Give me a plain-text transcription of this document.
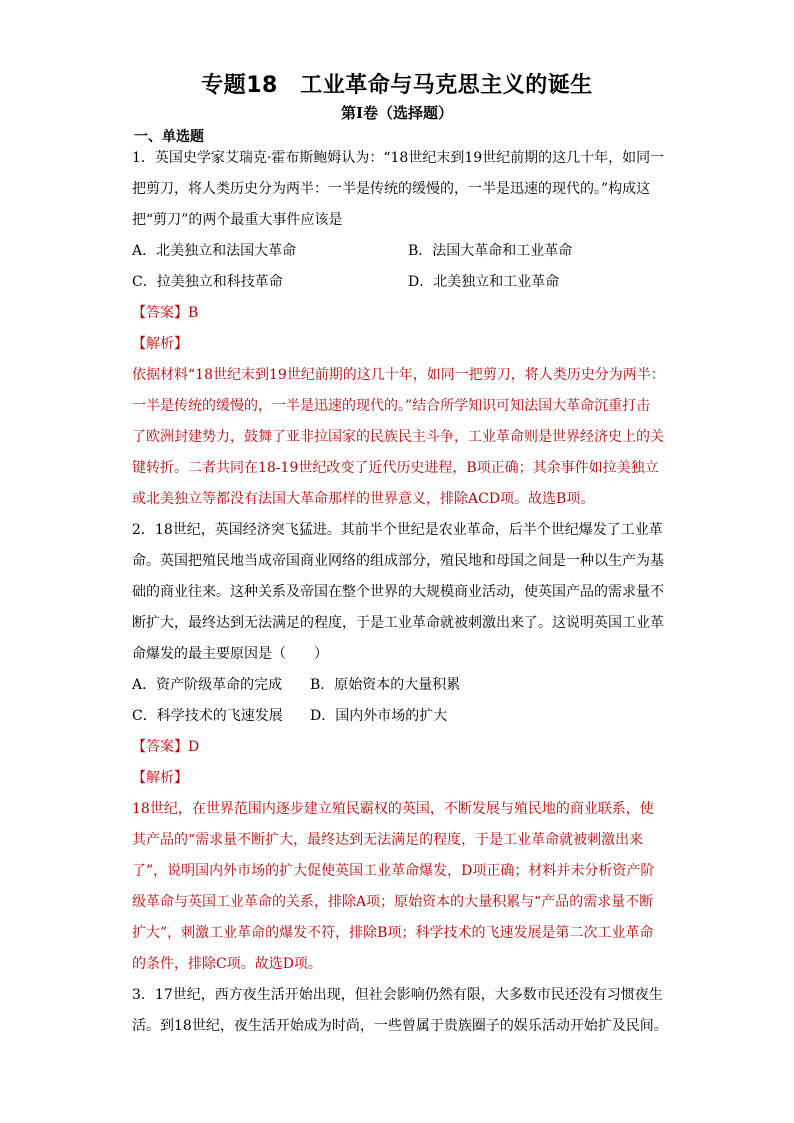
专题18　工业革命与马克思主义的诞生
第Ⅰ卷（选择题）
一、单选题
1．英国史学家艾瑞克·霍布斯鲍姆认为：“18世纪末到19世纪前期的这几十年，如同一
把剪刀，将人类历史分为两半：一半是传统的缓慢的，一半是迅速的现代的。”构成这
把“剪刀”的两个最重大事件应该是
A．北美独立和法国大革命	B．法国大革命和工业革命
C．拉美独立和科技革命	D．北美独立和工业革命
【答案】B
【解析】
依据材料“18世纪末到19世纪前期的这几十年，如同一把剪刀，将人类历史分为两半：
一半是传统的缓慢的，一半是迅速的现代的。”结合所学知识可知法国大革命沉重打击
了欧洲封建势力，鼓舞了亚非拉国家的民族民主斗争，工业革命则是世界经济史上的关
键转折。二者共同在18-19世纪改变了近代历史进程，B项正确；其余事件如拉美独立
或北美独立等都没有法国大革命那样的世界意义，排除ACD项。故选B项。
2．18世纪，英国经济突飞猛进。其前半个世纪是农业革命，后半个世纪爆发了工业革
命。英国把殖民地当成帝国商业网络的组成部分，殖民地和母国之间是一种以生产为基
础的商业往来。这种关系及帝国在整个世界的大规模商业活动，使英国产品的需求量不
断扩大，最终达到无法满足的程度，于是工业革命就被刺激出来了。这说明英国工业革
命爆发的最主要原因是（　　）
A．资产阶级革命的完成 B．原始资本的大量积累
C．科学技术的飞速发展 D．国内外市场的扩大
【答案】D
【解析】
18世纪，在世界范围内逐步建立殖民霸权的英国，不断发展与殖民地的商业联系，使
其产品的“需求量不断扩大，最终达到无法满足的程度，于是工业革命就被刺激出来
了”，说明国内外市场的扩大促使英国工业革命爆发，D项正确；材料并未分析资产阶
级革命与英国工业革命的关系，排除A项；原始资本的大量积累与“产品的需求量不断
扩大”，刺激工业革命的爆发不符，排除B项；科学技术的飞速发展是第二次工业革命
的条件，排除C项。故选D项。
3．17世纪，西方夜生活开始出现，但社会影响仍然有限，大多数市民还没有习惯夜生
活。到18世纪，夜生活开始成为时尚，一些曾属于贵族圈子的娱乐活动开始扩及民间。
